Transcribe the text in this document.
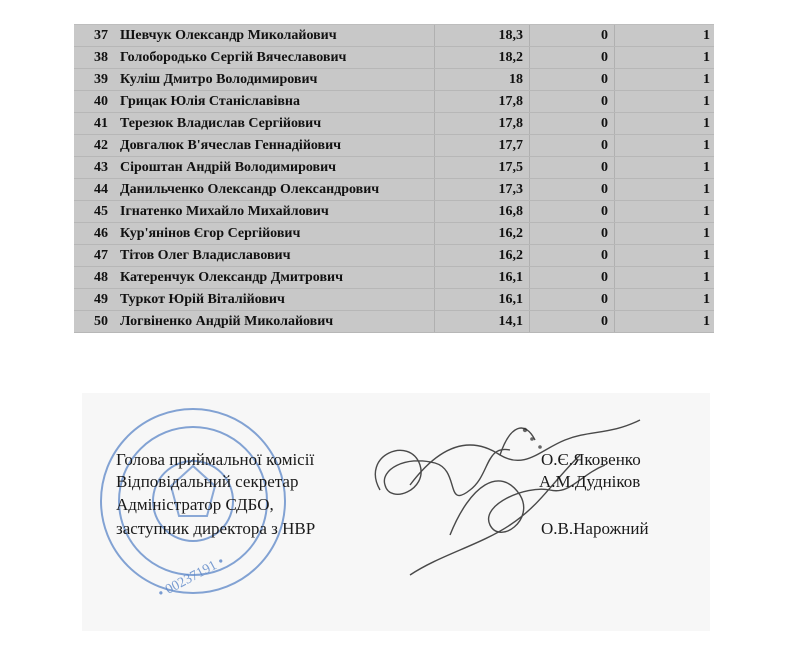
37 Шевчук Олександр Миколайович	18,3	0	1
38 Голобородько Сергій Вячеславович	18,2	0	1
39 Куліш Дмитро Володимирович	18	0	1
40 Грицак Юлія Станіславівна	17,8	0	1
41 Терезюк Владислав Сергійович	17,8	0	1
42 Довгалюк В'ячеслав Геннадійович	17,7	0	1
43 Сіроштан Андрій Володимирович	17,5	0	1
44 Данильченко Олександр Олександрович	17,3	0	1
45 Ігнатенко Михайло Михайлович	16,8	0	1
46 Кур'янінов Єгор Сергійович	16,2	0	1
47 Тітов Олег Владиславович	16,2	0	1
48 Катеренчук Олександр Дмитрович	16,1	0	1
49 Туркот Юрій Віталійович	16,1	0	1
50 Логвіненко Андрій Миколайович	14,1	0	1
• 00237191 •
Голова приймальної комісії	О.Є.Яковенко
Відповідальний секретар	А.М.Дудніков
Адміністратор СДБО,
заступник директора з НВР	О.В.Нарожний
